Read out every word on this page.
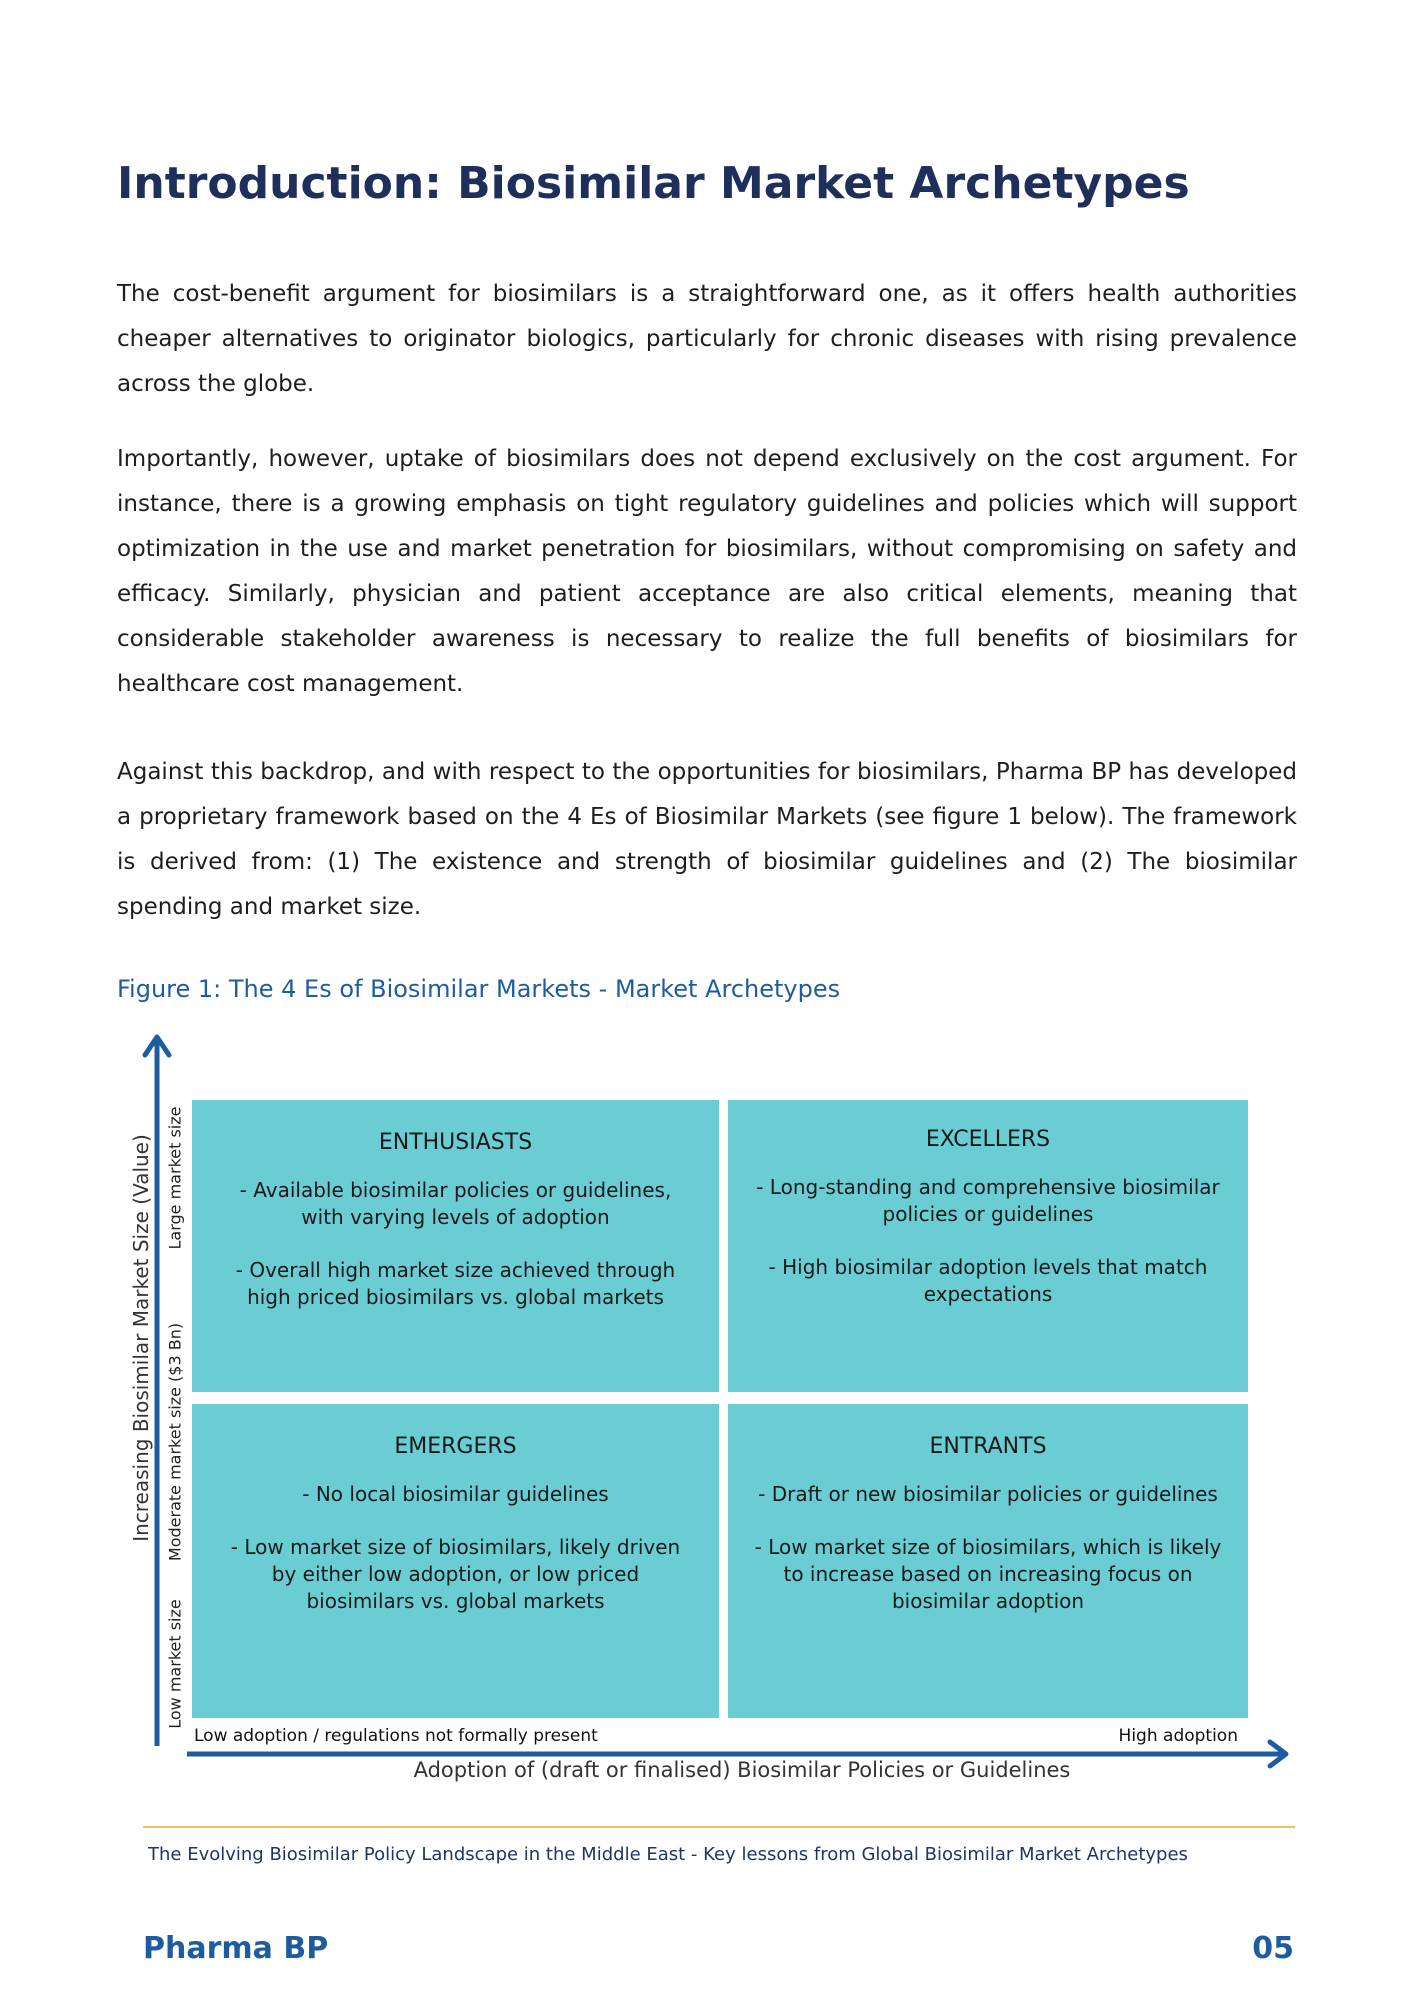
Introduction: Biosimilar Market Archetypes

The cost-benefit argument for biosimilars is a straightforward one, as it offers health authorities cheaper alternatives to originator biologics, particularly for chronic diseases with rising prevalence across the globe.

Importantly, however, uptake of biosimilars does not depend exclusively on the cost argument. For instance, there is a growing emphasis on tight regulatory guidelines and policies which will support optimization in the use and market penetration for biosimilars, without compromising on safety and efficacy. Similarly, physician and patient acceptance are also critical elements, meaning that considerable stakeholder awareness is necessary to realize the full benefits of biosimilars for healthcare cost management.

Against this backdrop, and with respect to the opportunities for biosimilars, Pharma BP has developed a proprietary framework based on the 4 Es of Biosimilar Markets (see figure 1 below). The framework is derived from: (1) The existence and strength of biosimilar guidelines and (2) The biosimilar spending and market size.

Figure 1: The 4 Es of Biosimilar Markets - Market Archetypes
Increasing Biosimilar Market Size (Value) Large market size
Moderate market size ($3 Bn)
Low market size
ENTHUSIASTS
- Available biosimilar policies or guidelines, with varying levels of adoption
- Overall high market size achieved through high priced biosimilars vs. global markets
EXCELLERS
- Long-standing and comprehensive biosimilar policies or guidelines
- High biosimilar adoption levels that match expectations
EMERGERS
- No local biosimilar guidelines
- Low market size of biosimilars, likely driven by either low adoption, or low priced biosimilars vs. global markets
ENTRANTS
- Draft or new biosimilar policies or guidelines
- Low market size of biosimilars, which is likely to increase based on increasing focus on biosimilar adoption
Low adoption / regulations not formally present	High adoption
Adoption of (draft or finalised) Biosimilar Policies or Guidelines
The Evolving Biosimilar Policy Landscape in the Middle East - Key lessons from Global Biosimilar Market Archetypes
Pharma BP	05
